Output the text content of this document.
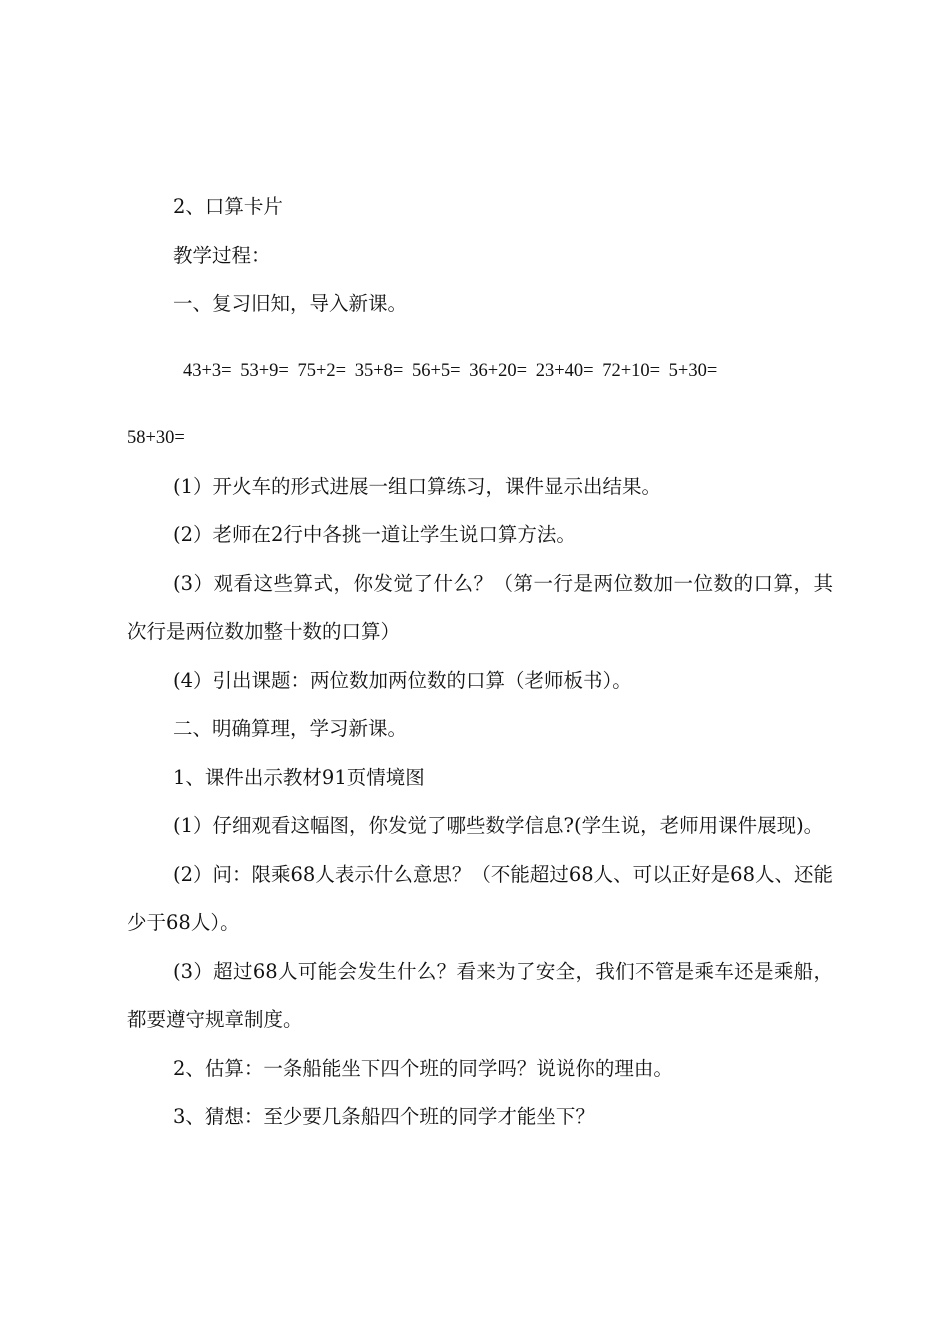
2、口算卡片

教学过程：

一、复习旧知，导入新课。

43+3= 53+9= 75+2= 35+8= 56+5= 36+20= 23+40= 72+10= 5+30=

58+30=

(1）开火车的形式进展一组口算练习，课件显示出结果。

(2）老师在2行中各挑一道让学生说口算方法。

(3）观看这些算式，你发觉了什么？（第一行是两位数加一位数的口算，其次行是两位数加整十数的口算）

(4）引出课题：两位数加两位数的口算（老师板书）。

二、明确算理，学习新课。

1、课件出示教材91页情境图

(1）仔细观看这幅图，你发觉了哪些数学信息?(学生说，老师用课件展现)。

(2）问：限乘68人表示什么意思？（不能超过68人、可以正好是68人、还能少于68人）。

(3）超过68人可能会发生什么？看来为了安全，我们不管是乘车还是乘船，都要遵守规章制度。

2、估算：一条船能坐下四个班的同学吗？说说你的理由。

3、猜想：至少要几条船四个班的同学才能坐下？
